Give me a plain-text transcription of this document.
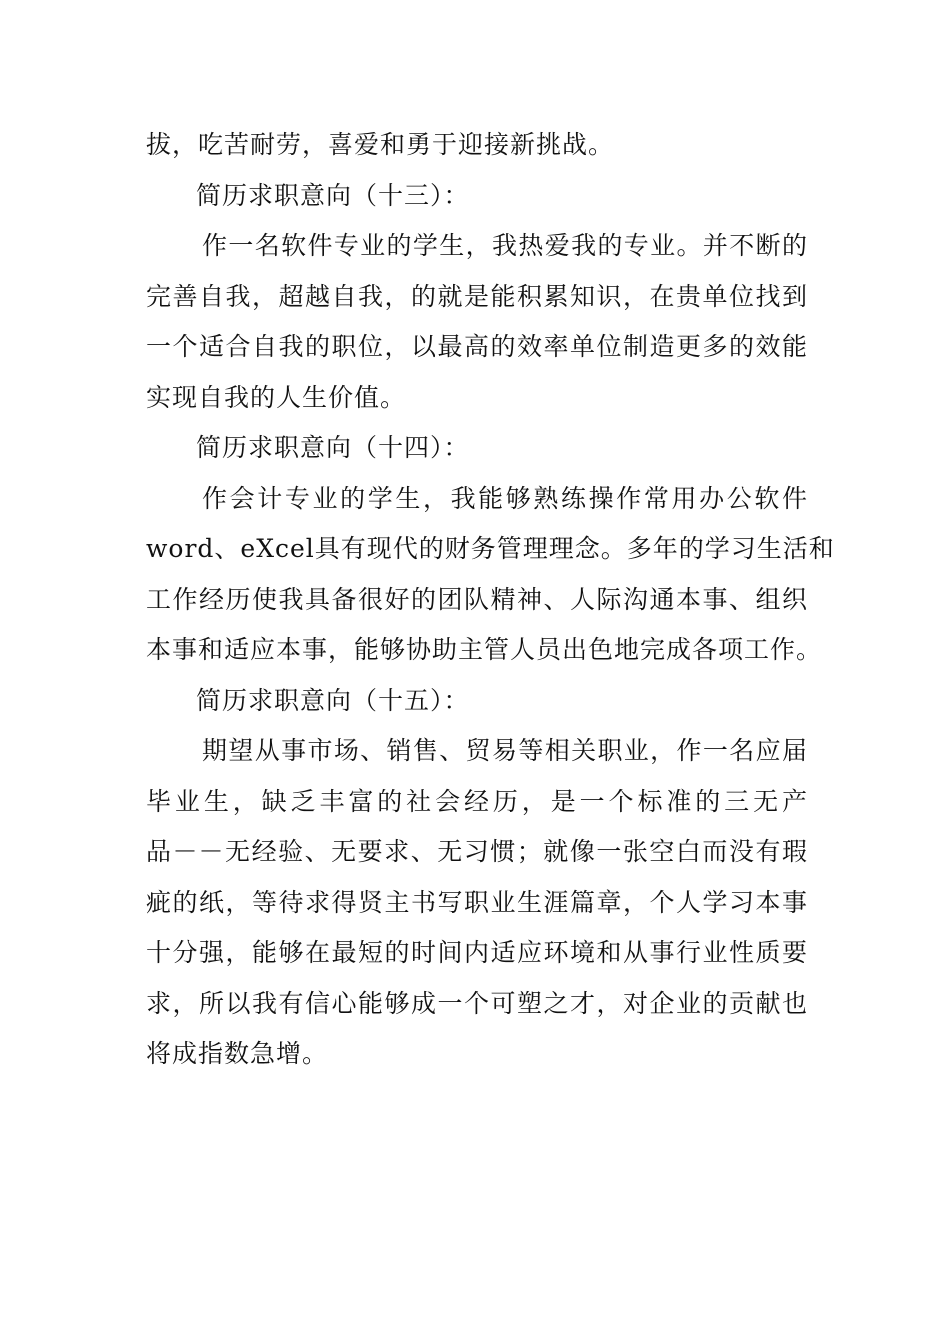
拔，吃苦耐劳，喜爱和勇于迎接新挑战。
简历求职意向（十三）：
作一名软件专业的学生，我热爱我的专业。并不断的
完善自我，超越自我，的就是能积累知识，在贵单位找到
一个适合自我的职位，以最高的效率单位制造更多的效能
实现自我的人生价值。
简历求职意向（十四）：
作会计专业的学生，我能够熟练操作常用办公软件
word、eXcel具有现代的财务管理理念。多年的学习生活和
工作经历使我具备很好的团队精神、人际沟通本事、组织
本事和适应本事，能够协助主管人员出色地完成各项工作。
简历求职意向（十五）：
期望从事市场、销售、贸易等相关职业，作一名应届
毕业生，缺乏丰富的社会经历，是一个标准的三无产
品－－无经验、无要求、无习惯；就像一张空白而没有瑕
疵的纸，等待求得贤主书写职业生涯篇章，个人学习本事
十分强，能够在最短的时间内适应环境和从事行业性质要
求，所以我有信心能够成一个可塑之才，对企业的贡献也
将成指数急增。
